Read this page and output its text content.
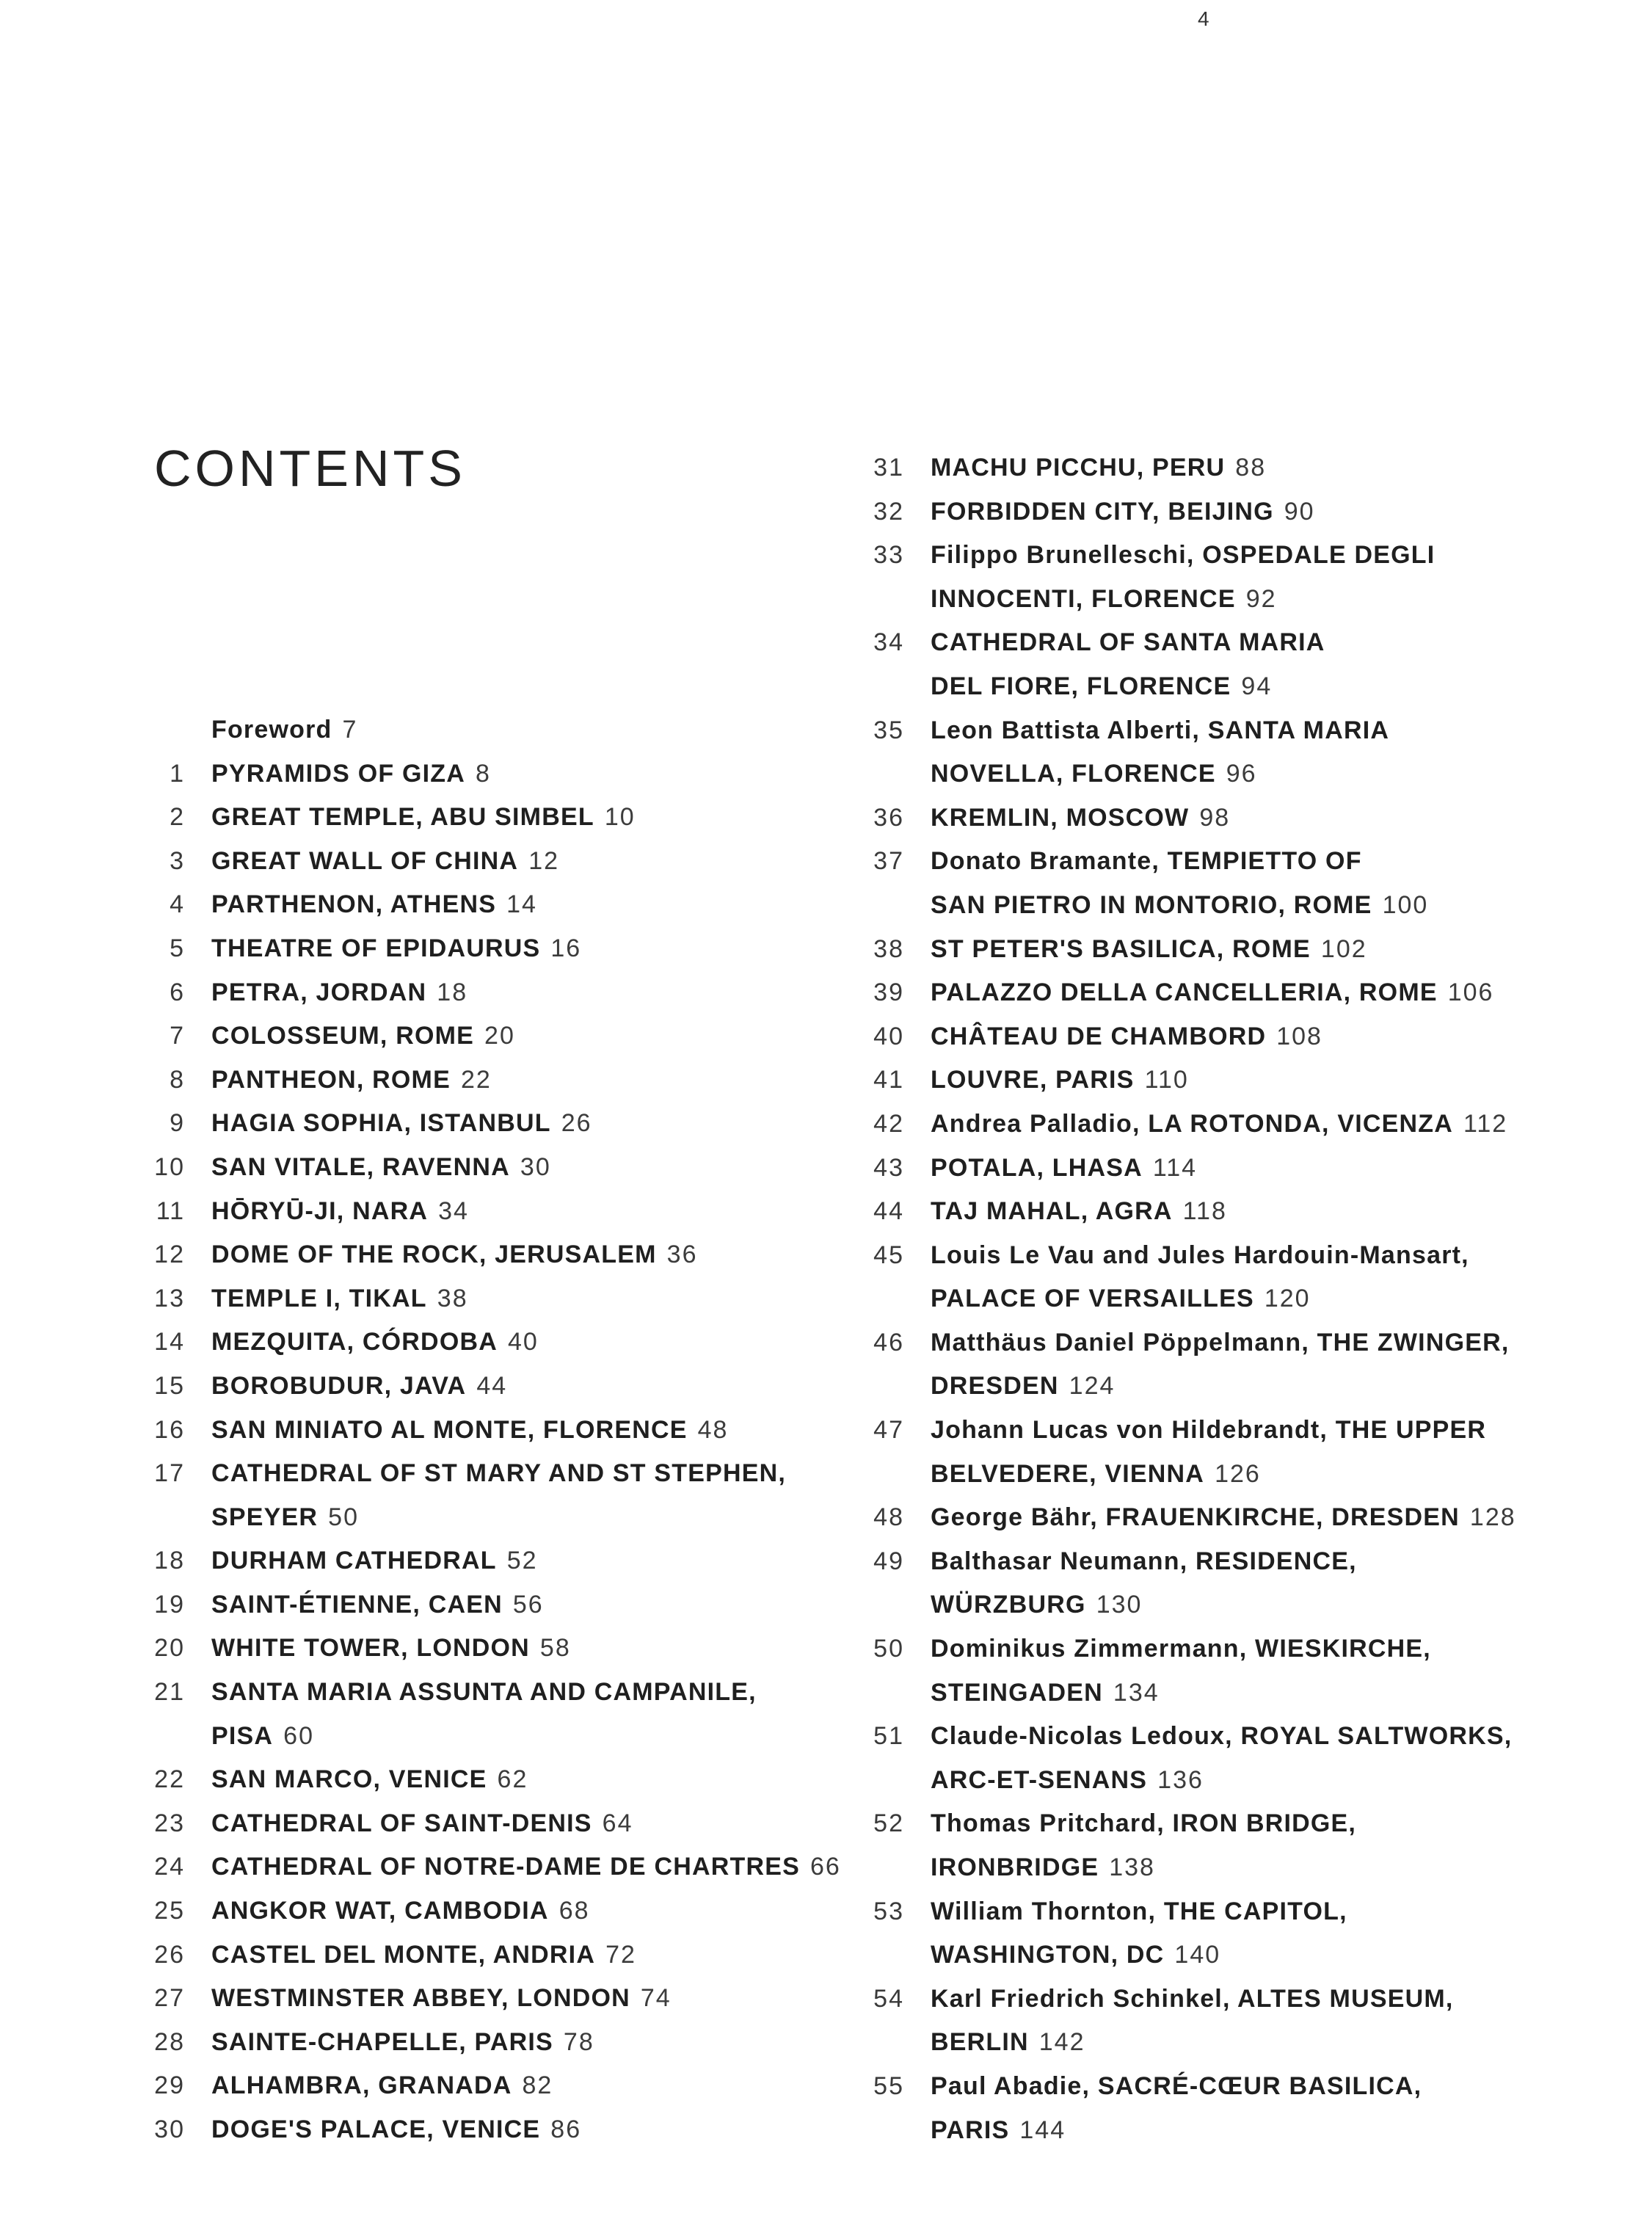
4
CONTENTS
Foreword 7
1 PYRAMIDS OF GIZA 8
2 GREAT TEMPLE, ABU SIMBEL 10
3 GREAT WALL OF CHINA 12
4 PARTHENON, ATHENS 14
5 THEATRE OF EPIDAURUS 16
6 PETRA, JORDAN 18
7 COLOSSEUM, ROME 20
8 PANTHEON, ROME 22
9 HAGIA SOPHIA, ISTANBUL 26
10 SAN VITALE, RAVENNA 30
11 HŌRYŪ-JI, NARA 34
12 DOME OF THE ROCK, JERUSALEM 36
13 TEMPLE I, TIKAL 38
14 MEZQUITA, CÓRDOBA 40
15 BOROBUDUR, JAVA 44
16 SAN MINIATO AL MONTE, FLORENCE 48
17 CATHEDRAL OF ST MARY AND ST STEPHEN,
SPEYER 50
18 DURHAM CATHEDRAL 52
19 SAINT-ÉTIENNE, CAEN 56
20 WHITE TOWER, LONDON 58
21 SANTA MARIA ASSUNTA AND CAMPANILE,
PISA 60
22 SAN MARCO, VENICE 62
23 CATHEDRAL OF SAINT-DENIS 64
24 CATHEDRAL OF NOTRE-DAME DE CHARTRES 66
25 ANGKOR WAT, CAMBODIA 68
26 CASTEL DEL MONTE, ANDRIA 72
27 WESTMINSTER ABBEY, LONDON 74
28 SAINTE-CHAPELLE, PARIS 78
29 ALHAMBRA, GRANADA 82
30 DOGE'S PALACE, VENICE 86
31 MACHU PICCHU, PERU 88
32 FORBIDDEN CITY, BEIJING 90
33 Filippo Brunelleschi, OSPEDALE DEGLI
INNOCENTI, FLORENCE 92
34 CATHEDRAL OF SANTA MARIA
DEL FIORE, FLORENCE 94
35 Leon Battista Alberti, SANTA MARIA
NOVELLA, FLORENCE 96
36 KREMLIN, MOSCOW 98
37 Donato Bramante, TEMPIETTO OF
SAN PIETRO IN MONTORIO, ROME 100
38 ST PETER'S BASILICA, ROME 102
39 PALAZZO DELLA CANCELLERIA, ROME 106
40 CHÂTEAU DE CHAMBORD 108
41 LOUVRE, PARIS 110
42 Andrea Palladio, LA ROTONDA, VICENZA 112
43 POTALA, LHASA 114
44 TAJ MAHAL, AGRA 118
45 Louis Le Vau and Jules Hardouin-Mansart,
PALACE OF VERSAILLES 120
46 Matthäus Daniel Pöppelmann, THE ZWINGER,
DRESDEN 124
47 Johann Lucas von Hildebrandt, THE UPPER
BELVEDERE, VIENNA 126
48 George Bähr, FRAUENKIRCHE, DRESDEN 128
49 Balthasar Neumann, RESIDENCE,
WÜRZBURG 130
50 Dominikus Zimmermann, WIESKIRCHE,
STEINGADEN 134
51 Claude-Nicolas Ledoux, ROYAL SALTWORKS,
ARC-ET-SENANS 136
52 Thomas Pritchard, IRON BRIDGE,
IRONBRIDGE 138
53 William Thornton, THE CAPITOL,
WASHINGTON, DC 140
54 Karl Friedrich Schinkel, ALTES MUSEUM,
BERLIN 142
55 Paul Abadie, SACRÉ-CŒUR BASILICA,
PARIS 144
